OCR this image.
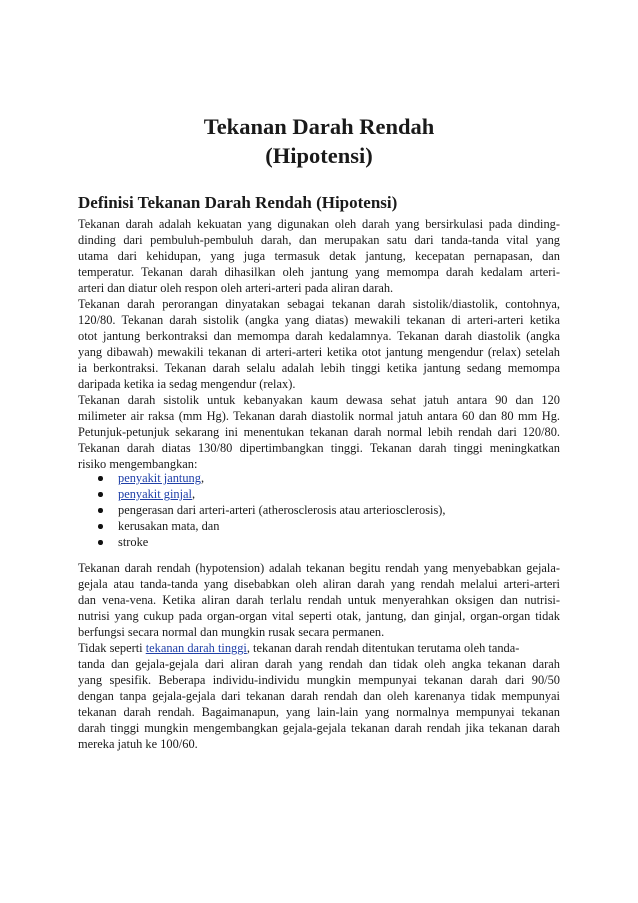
Tekanan Darah Rendah
(Hipotensi)
Definisi Tekanan Darah Rendah (Hipotensi)
Tekanan darah adalah kekuatan yang digunakan oleh darah yang bersirkulasi pada dinding-
dinding dari pembuluh-pembuluh darah, dan merupakan satu dari tanda-tanda vital yang
utama dari kehidupan, yang juga termasuk detak jantung, kecepatan pernapasan, dan
temperatur. Tekanan darah dihasilkan oleh jantung yang memompa darah kedalam arteri-
arteri dan diatur oleh respon oleh arteri-arteri pada aliran darah.
Tekanan darah perorangan dinyatakan sebagai tekanan darah sistolik/diastolik, contohnya,
120/80. Tekanan darah sistolik (angka yang diatas) mewakili tekanan di arteri-arteri ketika
otot jantung berkontraksi dan memompa darah kedalamnya. Tekanan darah diastolik (angka
yang dibawah) mewakili tekanan di arteri-arteri ketika otot jantung mengendur (relax) setelah
ia berkontraksi. Tekanan darah selalu adalah lebih tinggi ketika jantung sedang memompa
daripada ketika ia sedag mengendur (relax).
Tekanan darah sistolik untuk kebanyakan kaum dewasa sehat jatuh antara 90 dan 120
milimeter air raksa (mm Hg). Tekanan darah diastolik normal jatuh antara 60 dan 80 mm Hg.
Petunjuk-petunjuk sekarang ini menentukan tekanan darah normal lebih rendah dari 120/80.
Tekanan darah diatas 130/80 dipertimbangkan tinggi. Tekanan darah tinggi meningkatkan
risiko mengembangkan:
penyakit jantung,
penyakit ginjal,
pengerasan dari arteri-arteri (atherosclerosis atau arteriosclerosis),
kerusakan mata, dan
stroke
Tekanan darah rendah (hypotension) adalah tekanan begitu rendah yang menyebabkan gejala-
gejala atau tanda-tanda yang disebabkan oleh aliran darah yang rendah melalui arteri-arteri
dan vena-vena. Ketika aliran darah terlalu rendah untuk menyerahkan oksigen dan nutrisi-
nutrisi yang cukup pada organ-organ vital seperti otak, jantung, dan ginjal, organ-organ tidak
berfungsi secara normal dan mungkin rusak secara permanen.
Tidak seperti tekanan darah tinggi, tekanan darah rendah ditentukan terutama oleh tanda-
tanda dan gejala-gejala dari aliran darah yang rendah dan tidak oleh angka tekanan darah
yang spesifik. Beberapa individu-individu mungkin mempunyai tekanan darah dari 90/50
dengan tanpa gejala-gejala dari tekanan darah rendah dan oleh karenanya tidak mempunyai
tekanan darah rendah. Bagaimanapun, yang lain-lain yang normalnya mempunyai tekanan
darah tinggi mungkin mengembangkan gejala-gejala tekanan darah rendah jika tekanan darah
mereka jatuh ke 100/60.
